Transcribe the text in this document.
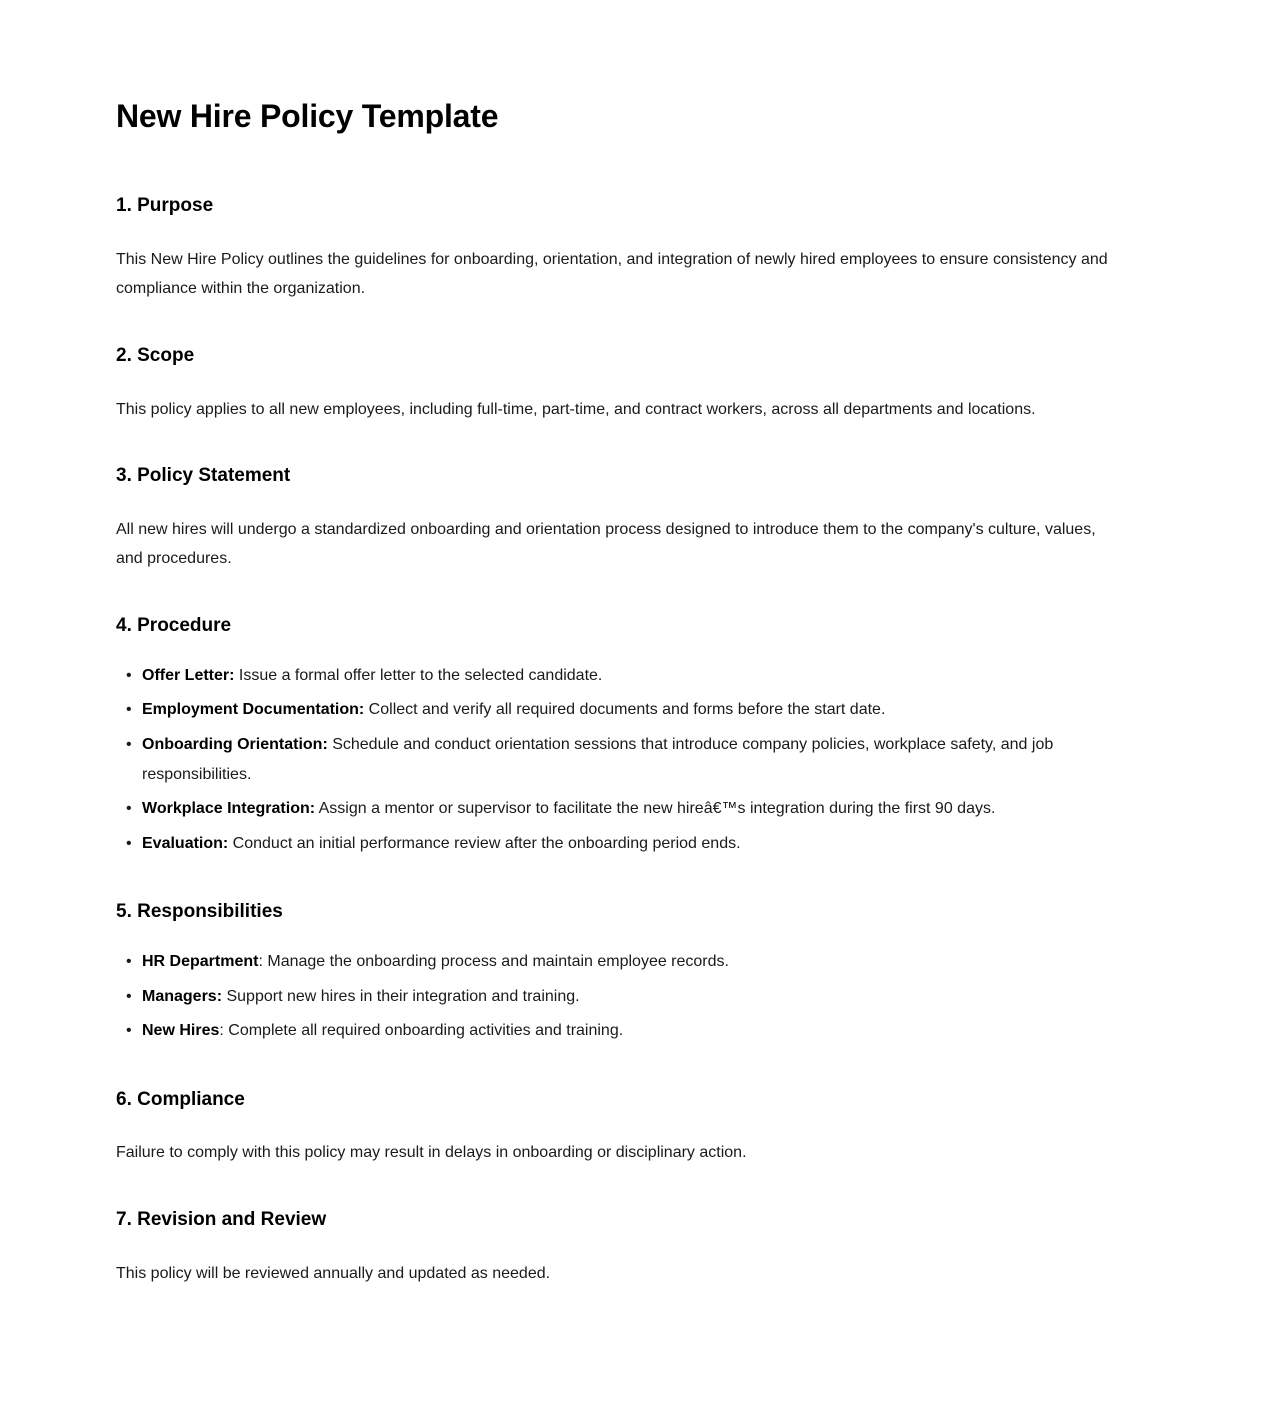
New Hire Policy Template
1. Purpose

This New Hire Policy outlines the guidelines for onboarding, orientation, and integration of newly hired employees to ensure consistency and compliance within the organization.

2. Scope

This policy applies to all new employees, including full-time, part-time, and contract workers, across all departments and locations.

3. Policy Statement

All new hires will undergo a standardized onboarding and orientation process designed to introduce them to the company's culture, values, and procedures.

4. Procedure
• Offer Letter: Issue a formal offer letter to the selected candidate.
• Employment Documentation: Collect and verify all required documents and forms before the start date.
• Onboarding Orientation: Schedule and conduct orientation sessions that introduce company policies, workplace safety, and job responsibilities.
• Workplace Integration: Assign a mentor or supervisor to facilitate the new hireâ€™s integration during the first 90 days.
• Evaluation: Conduct an initial performance review after the onboarding period ends.
5. Responsibilities
• HR Department: Manage the onboarding process and maintain employee records.
• Managers: Support new hires in their integration and training.
• New Hires: Complete all required onboarding activities and training.
6. Compliance

Failure to comply with this policy may result in delays in onboarding or disciplinary action.

7. Revision and Review

This policy will be reviewed annually and updated as needed.
